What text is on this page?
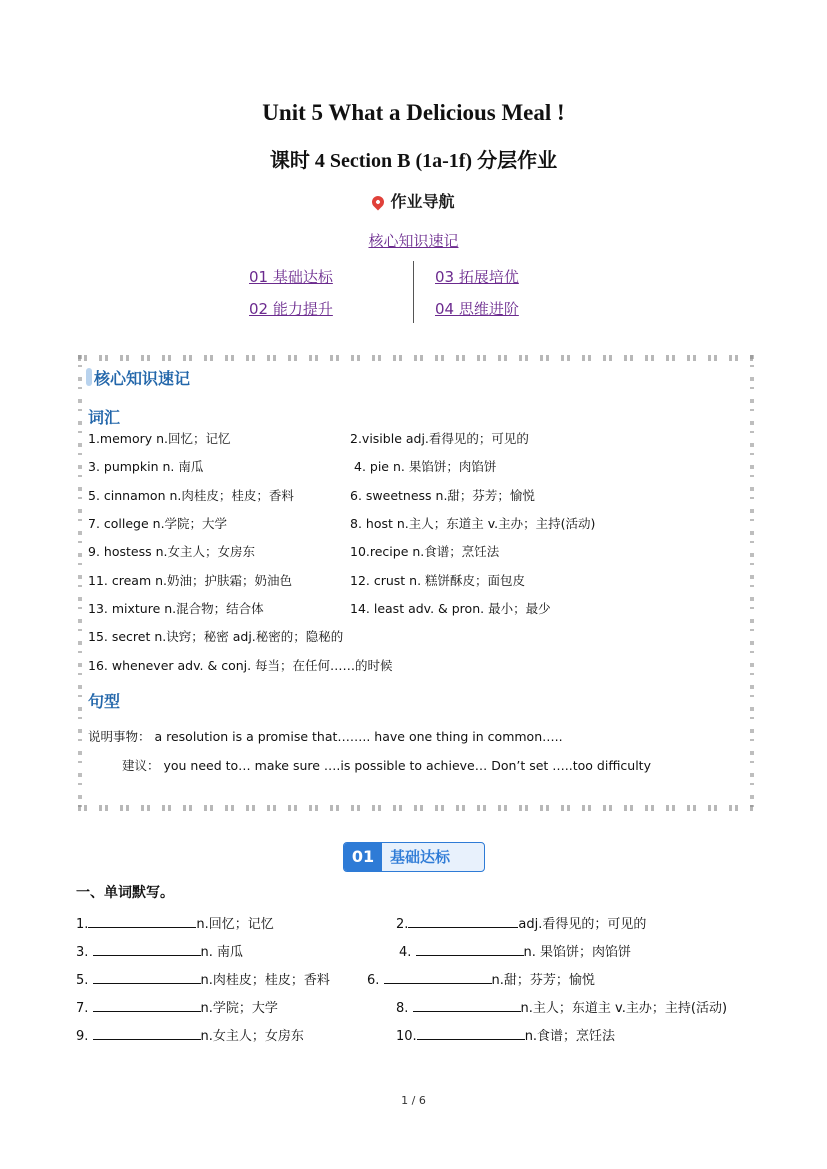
Unit 5 What a Delicious Meal !
课时 4 Section B (1a-1f) 分层作业
作业导航
核心知识速记
01 基础达标
02 能力提升
03 拓展培优
04 思维进阶
核心知识速记
词汇
1.memory n.回忆；记忆	2.visible adj.看得见的；可见的
3. pumpkin n. 南瓜	4. pie n. 果馅饼；肉馅饼
5. cinnamon n.肉桂皮；桂皮；香料	6. sweetness n.甜；芬芳；愉悦
7. college n.学院；大学	8. host n.主人；东道主 v.主办；主持(活动)
9. hostess n.女主人；女房东	10.recipe n.食谱；烹饪法
11. cream n.奶油；护肤霜；奶油色	12. crust n. 糕饼酥皮；面包皮
13. mixture n.混合物；结合体	14. least adv. & pron. 最小；最少
15. secret n.诀窍；秘密 adj.秘密的；隐秘的
16. whenever adv. & conj. 每当；在任何……的时候
句型
说明事物： a resolution is a promise that…….. have one thing in common…..
建议： you need to… make sure ….is possible to achieve… Don’t set …..too difficulty
01	基础达标
一、单词默写。
1.	n.回忆；记忆	2.	adj.看得见的；可见的
3.	n. 南瓜	4.	n. 果馅饼；肉馅饼
5.	n.肉桂皮；桂皮；香料	6.	n.甜；芬芳；愉悦
7.	n.学院；大学	8.	n.主人；东道主 v.主办；主持(活动)
9.	n.女主人；女房东	10.	n.食谱；烹饪法
1 / 6
